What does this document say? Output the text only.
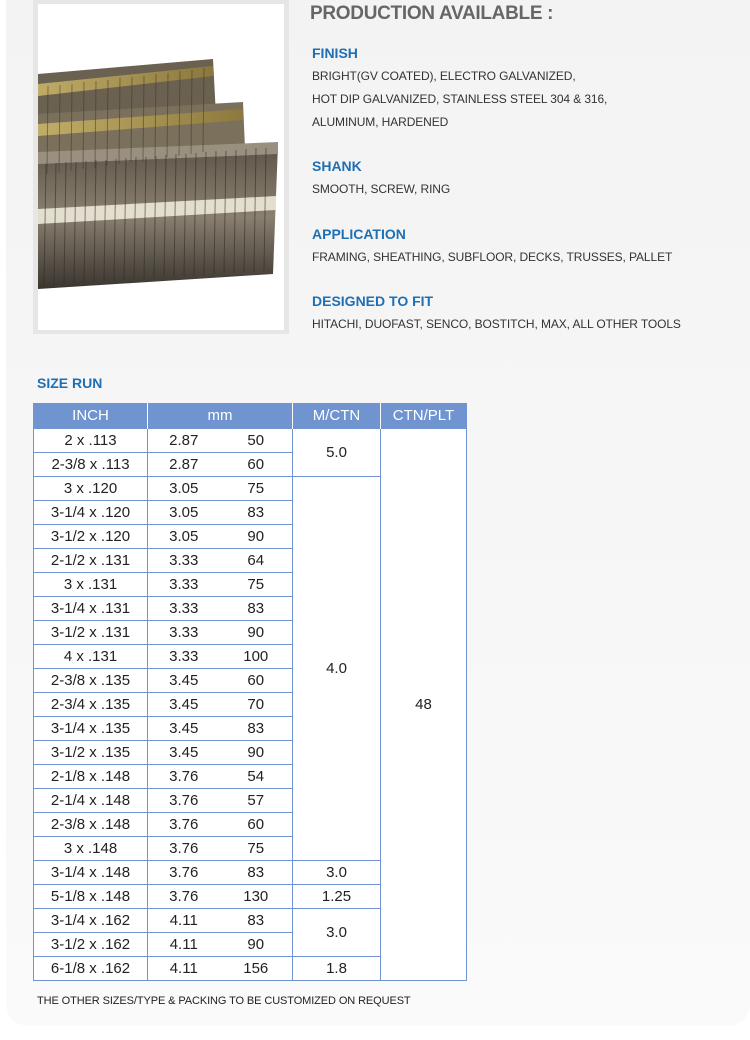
PRODUCTION AVAILABLE :
FINISH
BRIGHT(GV COATED), ELECTRO GALVANIZED,
HOT DIP GALVANIZED, STAINLESS STEEL 304 & 316,
ALUMINUM, HARDENED
SHANK
SMOOTH, SCREW, RING
APPLICATION
FRAMING, SHEATHING, SUBFLOOR, DECKS, TRUSSES, PALLET
DESIGNED TO FIT
HITACHI, DUOFAST, SENCO, BOSTITCH, MAX, ALL OTHER TOOLS
SIZE RUN
INCH	mm		M/CTN	CTN/PLT
2 x .113	2.87	50	5.0	48
2-3/8 x .113	2.87	60		
3 x .120	3.05	75	4.0	
3-1/4 x .120	3.05	83		
3-1/2 x .120	3.05	90		
2-1/2 x .131	3.33	64		
3 x .131	3.33	75		
3-1/4 x .131	3.33	83		
3-1/2 x .131	3.33	90		
4 x .131	3.33	100		
2-3/8 x .135	3.45	60		
2-3/4 x .135	3.45	70		
3-1/4 x .135	3.45	83		
3-1/2 x .135	3.45	90		
2-1/8 x .148	3.76	54		
2-1/4 x .148	3.76	57		
2-3/8 x .148	3.76	60		
3 x .148	3.76	75		
3-1/4 x .148	3.76	83	3.0	
5-1/8 x .148	3.76	130	1.25	
3-1/4 x .162	4.11	83	3.0	
3-1/2 x .162	4.11	90		
6-1/8 x .162	4.11	156	1.8	
THE OTHER SIZES/TYPE & PACKING TO BE CUSTOMIZED ON REQUEST
